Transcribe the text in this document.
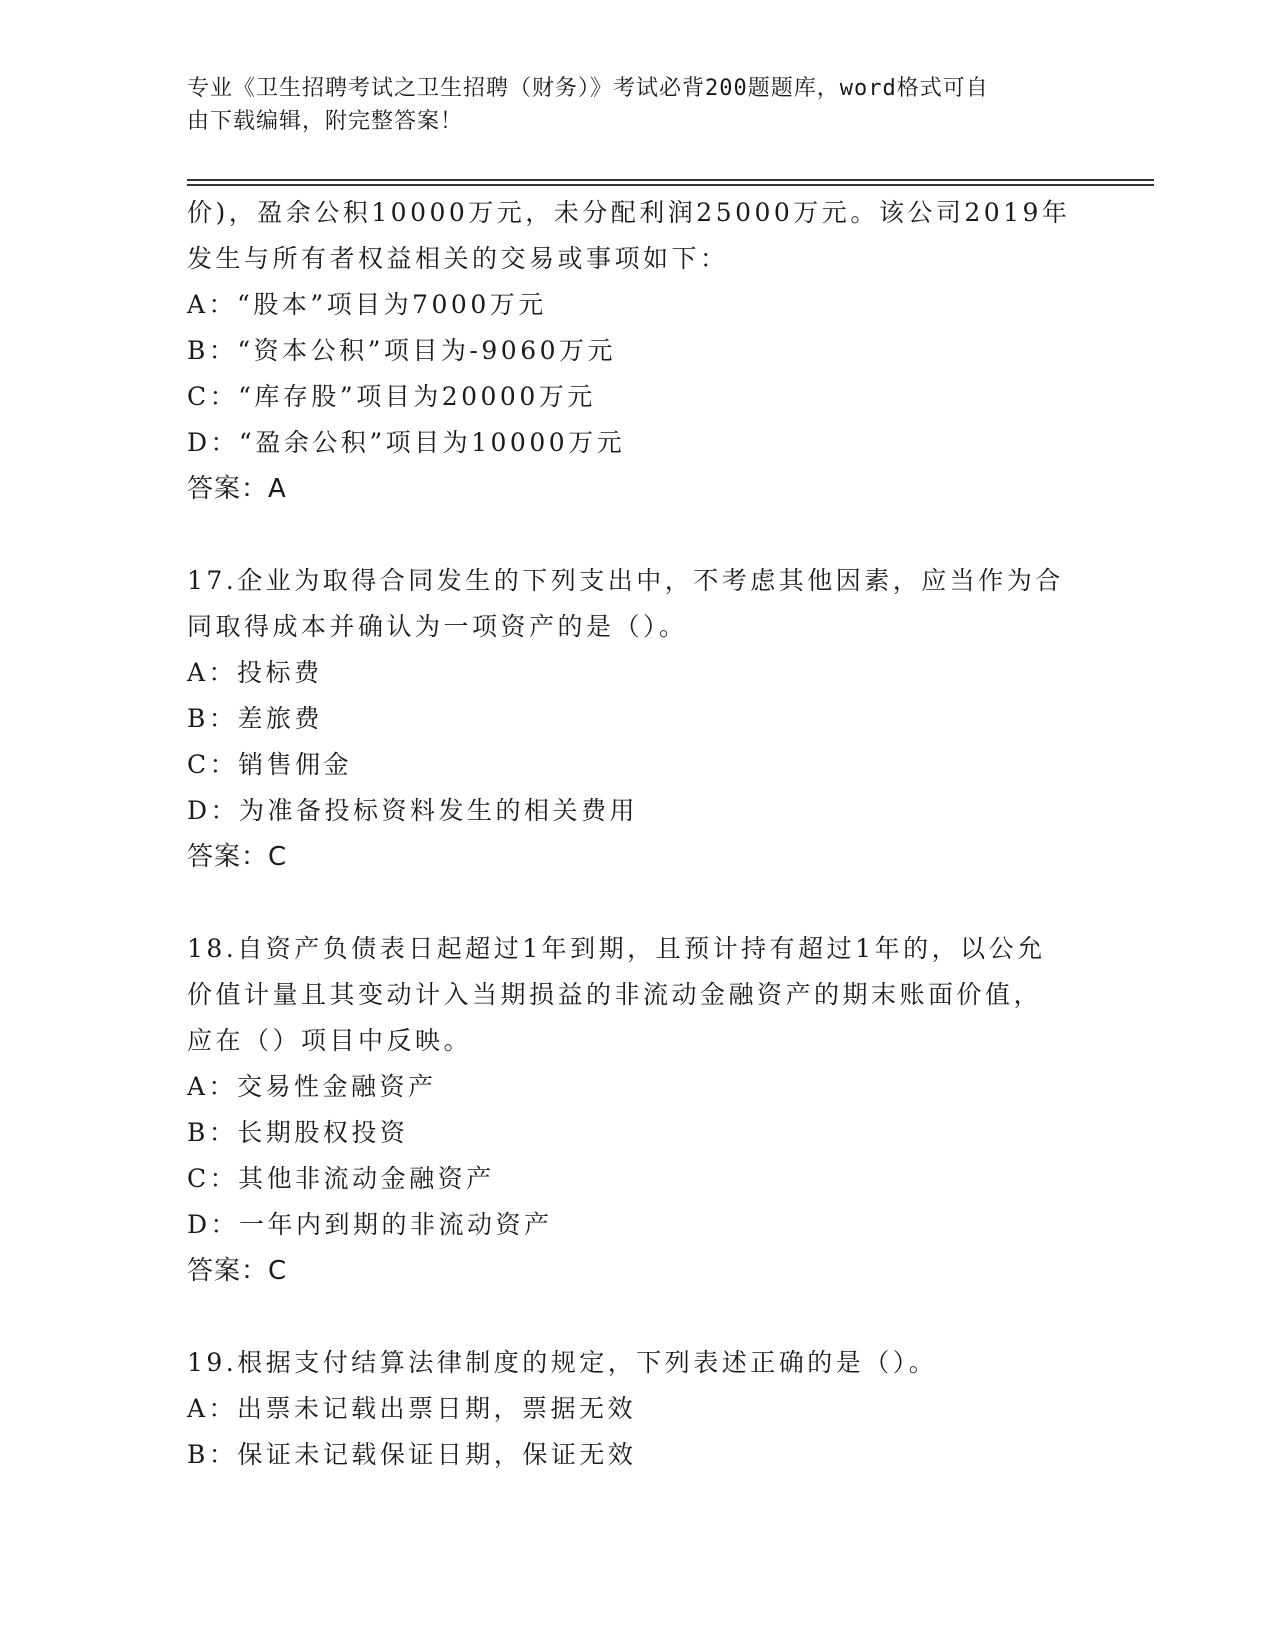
专业《卫生招聘考试之卫生招聘（财务）》考试必背200题题库，word格式可自
由下载编辑，附完整答案！
价)，盈余公积10000万元，未分配利润25000万元。该公司2019年
发生与所有者权益相关的交易或事项如下：
A：“股本”项目为7000万元
B：“资本公积”项目为-9060万元
C：“库存股”项目为20000万元
D：“盈余公积”项目为10000万元
答案：A
17.企业为取得合同发生的下列支出中，不考虑其他因素，应当作为合
同取得成本并确认为一项资产的是（）。
A：投标费
B：差旅费
C：销售佣金
D：为准备投标资料发生的相关费用
答案：C
18.自资产负债表日起超过1年到期，且预计持有超过1年的，以公允
价值计量且其变动计入当期损益的非流动金融资产的期末账面价值，
应在（）项目中反映。
A：交易性金融资产
B：长期股权投资
C：其他非流动金融资产
D：一年内到期的非流动资产
答案：C
19.根据支付结算法律制度的规定，下列表述正确的是（）。
A：出票未记载出票日期，票据无效
B：保证未记载保证日期，保证无效
